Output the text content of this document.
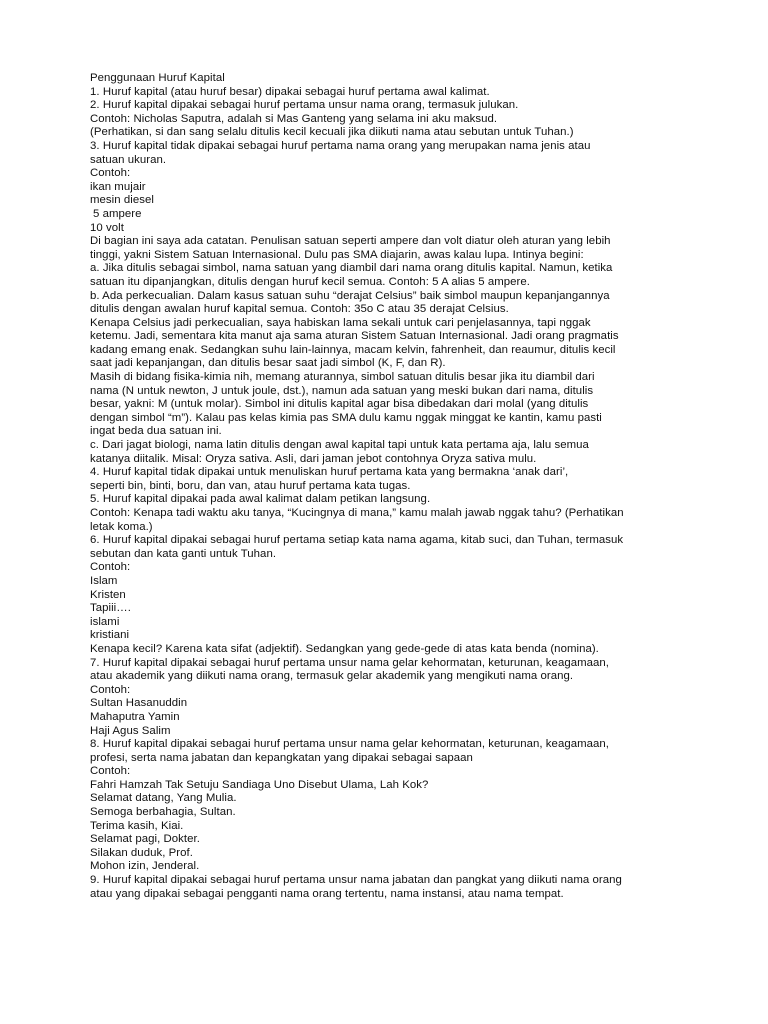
Penggunaan Huruf Kapital
1. Huruf kapital (atau huruf besar) dipakai sebagai huruf pertama awal kalimat.
2. Huruf kapital dipakai sebagai huruf pertama unsur nama orang, termasuk julukan.
Contoh: Nicholas Saputra, adalah si Mas Ganteng yang selama ini aku maksud.
(Perhatikan, si dan sang selalu ditulis kecil kecuali jika diikuti nama atau sebutan untuk Tuhan.)
3. Huruf kapital tidak dipakai sebagai huruf pertama nama orang yang merupakan nama jenis atau
satuan ukuran.
Contoh:
ikan mujair
mesin diesel
5 ampere
10 volt
Di bagian ini saya ada catatan. Penulisan satuan seperti ampere dan volt diatur oleh aturan yang lebih
tinggi, yakni Sistem Satuan Internasional. Dulu pas SMA diajarin, awas kalau lupa. Intinya begini:
a. Jika ditulis sebagai simbol, nama satuan yang diambil dari nama orang ditulis kapital. Namun, ketika
satuan itu dipanjangkan, ditulis dengan huruf kecil semua. Contoh: 5 A alias 5 ampere.
b. Ada perkecualian. Dalam kasus satuan suhu “derajat Celsius” baik simbol maupun kepanjangannya
ditulis dengan awalan huruf kapital semua. Contoh: 35o C atau 35 derajat Celsius.
Kenapa Celsius jadi perkecualian, saya habiskan lama sekali untuk cari penjelasannya, tapi nggak
ketemu. Jadi, sementara kita manut aja sama aturan Sistem Satuan Internasional. Jadi orang pragmatis
kadang emang enak. Sedangkan suhu lain-lainnya, macam kelvin, fahrenheit, dan reaumur, ditulis kecil
saat jadi kepanjangan, dan ditulis besar saat jadi simbol (K, F, dan R).
Masih di bidang fisika-kimia nih, memang aturannya, simbol satuan ditulis besar jika itu diambil dari
nama (N untuk newton, J untuk joule, dst.), namun ada satuan yang meski bukan dari nama, ditulis
besar, yakni: M (untuk molar). Simbol ini ditulis kapital agar bisa dibedakan dari molal (yang ditulis
dengan simbol “m”). Kalau pas kelas kimia pas SMA dulu kamu nggak minggat ke kantin, kamu pasti
ingat beda dua satuan ini.
c. Dari jagat biologi, nama latin ditulis dengan awal kapital tapi untuk kata pertama aja, lalu semua
katanya diitalik. Misal: Oryza sativa. Asli, dari jaman jebot contohnya Oryza sativa mulu.
4. Huruf kapital tidak dipakai untuk menuliskan huruf pertama kata yang bermakna ‘anak dari’,
seperti bin, binti, boru, dan van, atau huruf pertama kata tugas.
5. Huruf kapital dipakai pada awal kalimat dalam petikan langsung.
Contoh: Kenapa tadi waktu aku tanya, “Kucingnya di mana,” kamu malah jawab nggak tahu? (Perhatikan
letak koma.)
6. Huruf kapital dipakai sebagai huruf pertama setiap kata nama agama, kitab suci, dan Tuhan, termasuk
sebutan dan kata ganti untuk Tuhan.
Contoh:
Islam
Kristen
Tapiii….
islami
kristiani
Kenapa kecil? Karena kata sifat (adjektif). Sedangkan yang gede-gede di atas kata benda (nomina).
7. Huruf kapital dipakai sebagai huruf pertama unsur nama gelar kehormatan, keturunan, keagamaan,
atau akademik yang diikuti nama orang, termasuk gelar akademik yang mengikuti nama orang.
Contoh:
Sultan Hasanuddin
Mahaputra Yamin
Haji Agus Salim
8. Huruf kapital dipakai sebagai huruf pertama unsur nama gelar kehormatan, keturunan, keagamaan,
profesi, serta nama jabatan dan kepangkatan yang dipakai sebagai sapaan
Contoh:
Fahri Hamzah Tak Setuju Sandiaga Uno Disebut Ulama, Lah Kok?
Selamat datang, Yang Mulia.
Semoga berbahagia, Sultan.
Terima kasih, Kiai.
Selamat pagi, Dokter.
Silakan duduk, Prof.
Mohon izin, Jenderal.
9. Huruf kapital dipakai sebagai huruf pertama unsur nama jabatan dan pangkat yang diikuti nama orang
atau yang dipakai sebagai pengganti nama orang tertentu, nama instansi, atau nama tempat.
